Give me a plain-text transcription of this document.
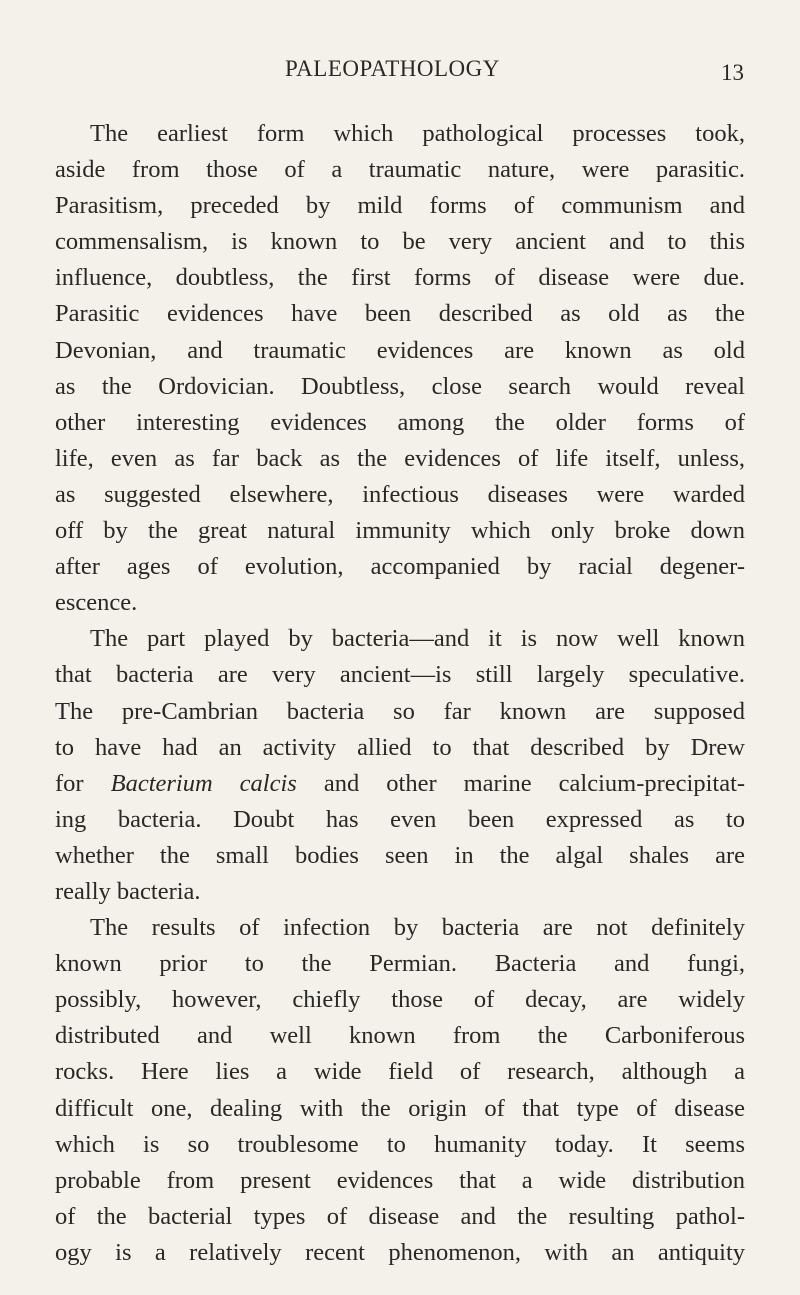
PALEOPATHOLOGY	13
The earliest form which pathological processes took,
aside from those of a traumatic nature, were parasitic.
Parasitism, preceded by mild forms of communism and
commensalism, is known to be very ancient and to this
influence, doubtless, the first forms of disease were due.
Parasitic evidences have been described as old as the
Devonian, and traumatic evidences are known as old
as the Ordovician. Doubtless, close search would reveal
other interesting evidences among the older forms of
life, even as far back as the evidences of life itself, unless,
as suggested elsewhere, infectious diseases were warded
off by the great natural immunity which only broke down
after ages of evolution, accompanied by racial degener-
escence.
The part played by bacteria—and it is now well known
that bacteria are very ancient—is still largely speculative.
The pre-Cambrian bacteria so far known are supposed
to have had an activity allied to that described by Drew
for Bacterium calcis and other marine calcium-precipitat-
ing bacteria. Doubt has even been expressed as to
whether the small bodies seen in the algal shales are
really bacteria.
The results of infection by bacteria are not definitely
known prior to the Permian. Bacteria and fungi,
possibly, however, chiefly those of decay, are widely
distributed and well known from the Carboniferous
rocks. Here lies a wide field of research, although a
difficult one, dealing with the origin of that type of disease
which is so troublesome to humanity today. It seems
probable from present evidences that a wide distribution
of the bacterial types of disease and the resulting pathol-
ogy is a relatively recent phenomenon, with an antiquity
